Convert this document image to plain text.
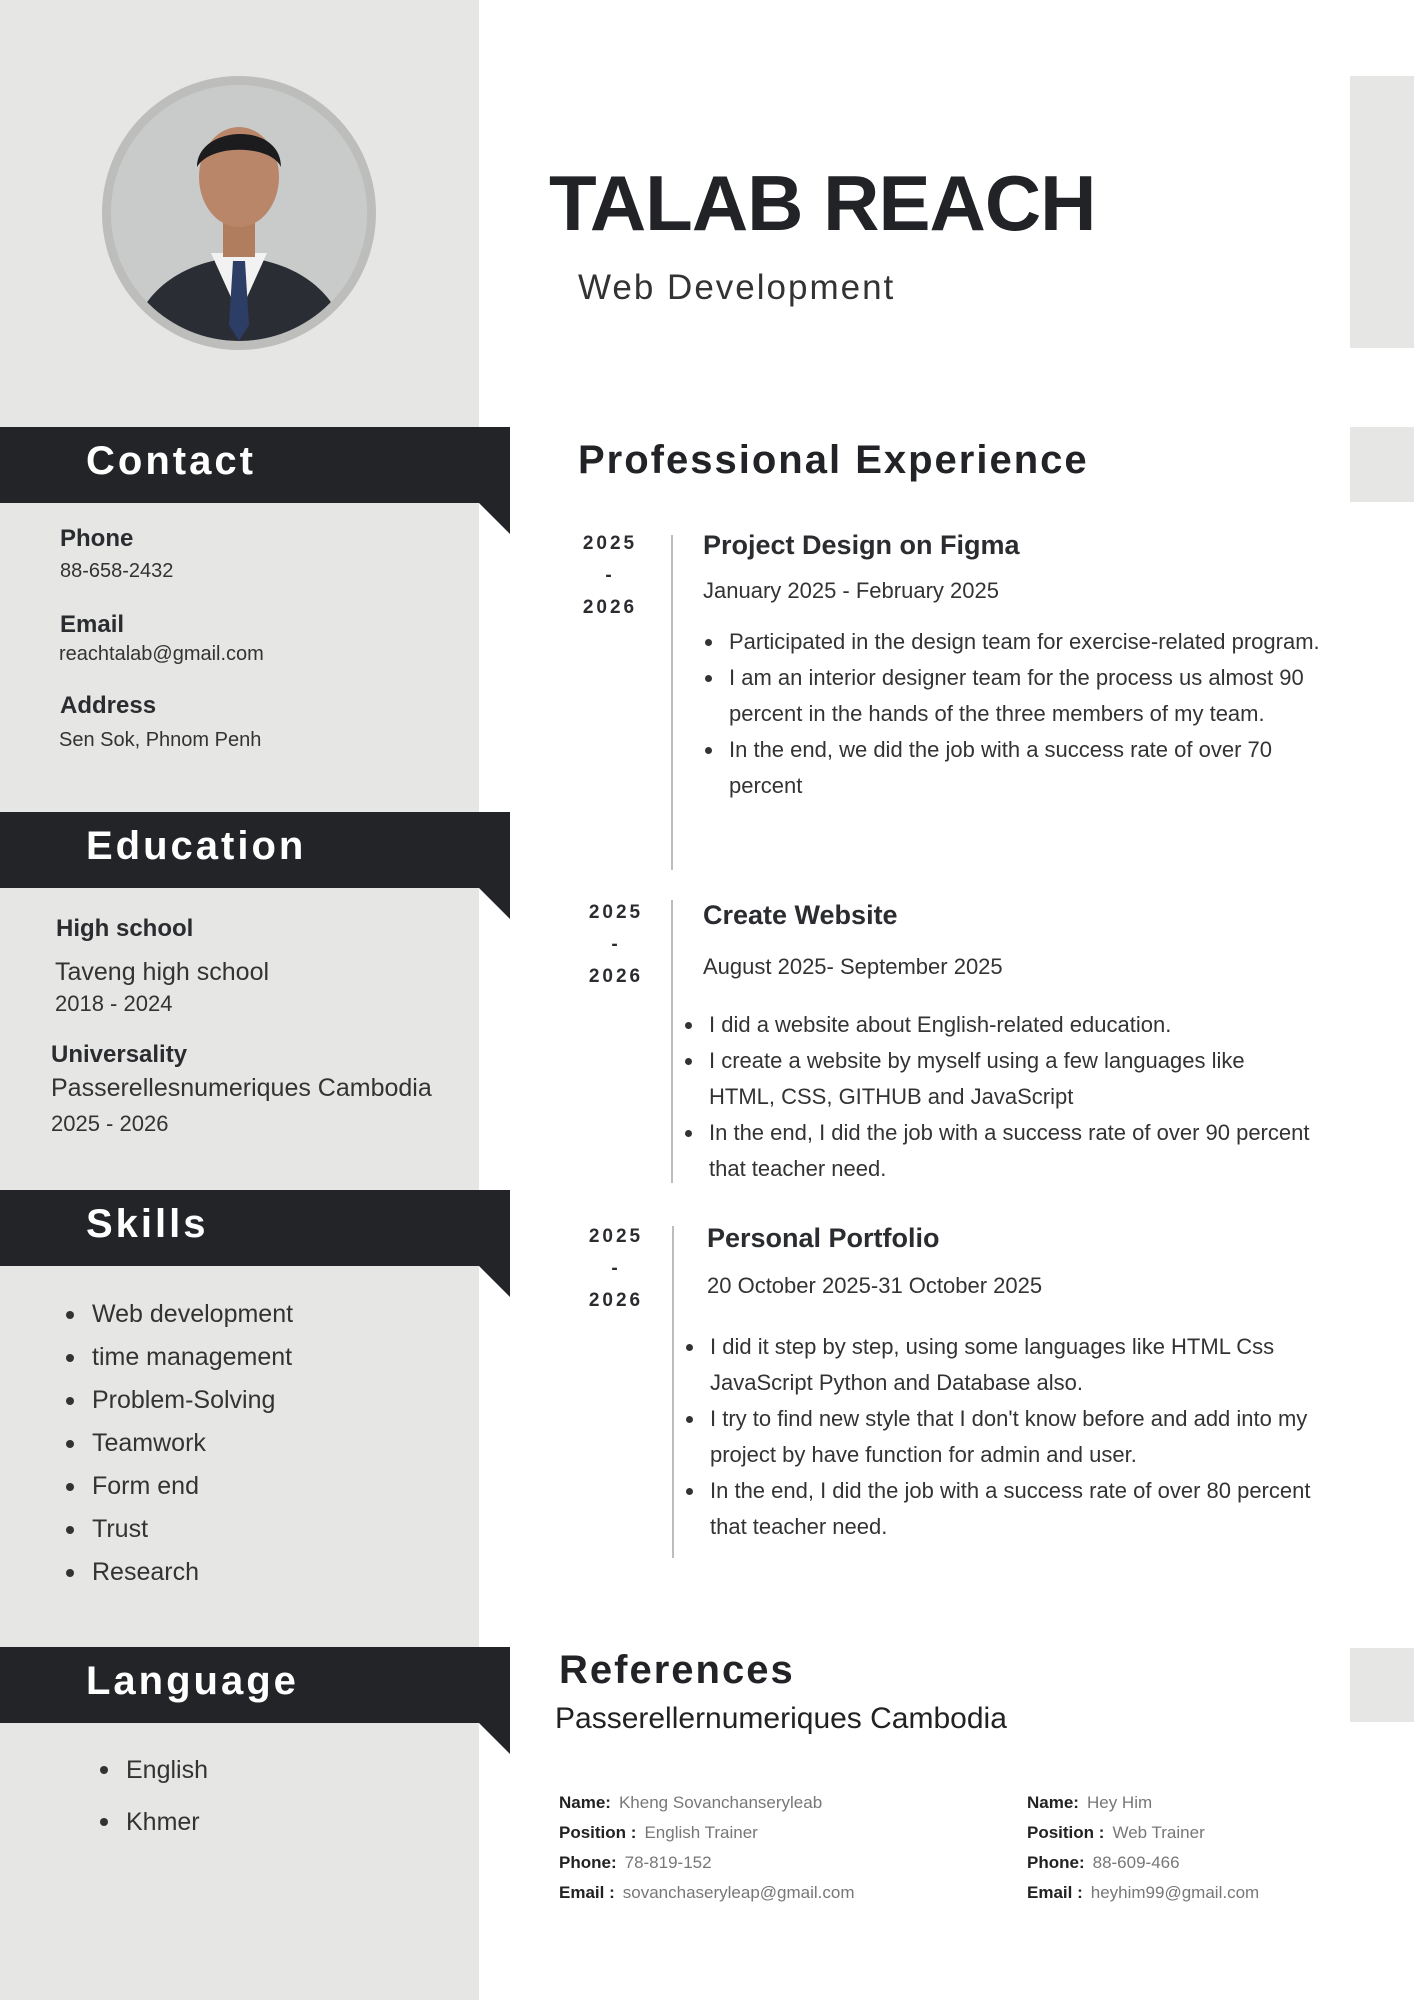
TALAB REACH
Web Development
Contact
Phone
88-658-2432
Email
reachtalab@gmail.com
Address
Sen Sok, Phnom Penh
Education
High school
Taveng high school
2018 - 2024
Universality
Passerellesnumeriques Cambodia
2025 - 2026
Skills
Web development
time management
Problem-Solving
Teamwork
Form end
Trust
Research
Language
English
Khmer
Professional Experience
2025
-
2026
Project Design on Figma
January 2025 - February 2025
Participated in the design team for exercise-related program.
I am an interior designer team for the process us almost 90 percent in the hands of the three members of my team.
In the end, we did the job with a success rate of over 70 percent
2025
-
2026
Create Website
August 2025- September 2025
I did a website about English-related education.
I create a website by myself using a few languages like HTML, CSS, GITHUB and JavaScript
In the end, I did the job with a success rate of over 90 percent that teacher need.
2025
-
2026
Personal Portfolio
20 October 2025-31 October 2025
I did it step by step, using some languages like HTML Css JavaScript Python and Database also.
I try to find new style that I don't know before and add into my project by have function for admin and user.
In the end, I did the job with a success rate of over 80 percent that teacher need.
References
Passerellernumeriques Cambodia
Name: Kheng Sovanchanseryleab
Position : English Trainer
Phone: 78-819-152
Email : sovanchaseryleap@gmail.com
Name: Hey Him
Position : Web Trainer
Phone: 88-609-466
Email : heyhim99@gmail.com
